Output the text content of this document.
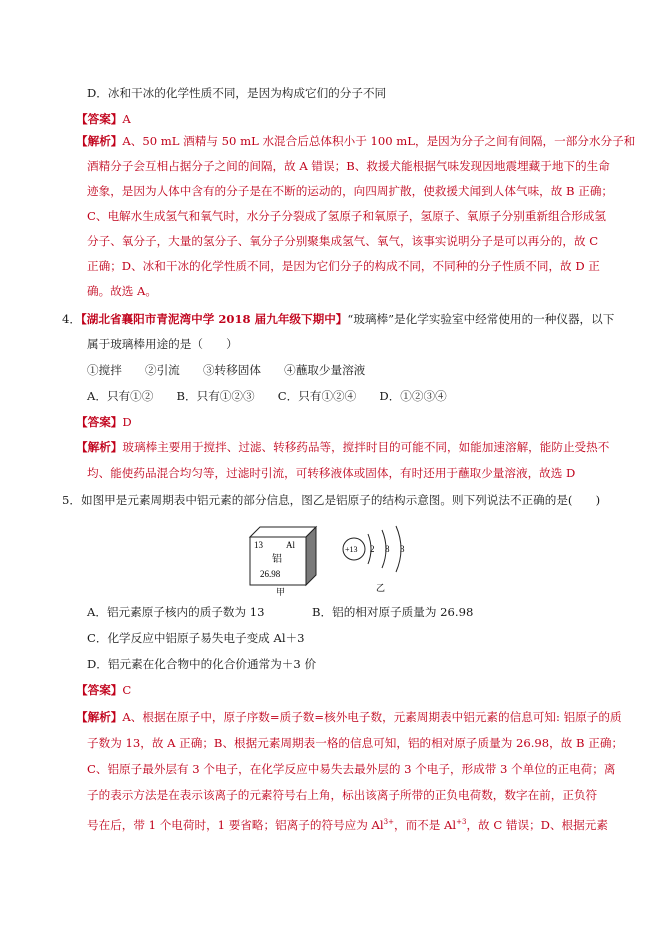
D．冰和干冰的化学性质不同，是因为构成它们的分子不同
【答案】A
【解析】A、50 mL 酒精与 50 mL 水混合后总体积小于 100 mL，是因为分子之间有间隔，一部分水分子和
酒精分子会互相占据分子之间的间隔，故 A 错误；B、救援犬能根据气味发现因地震埋藏于地下的生命
迹象，是因为人体中含有的分子是在不断的运动的，向四周扩散，使救援犬闻到人体气味，故 B 正确；
C、电解水生成氢气和氧气时，水分子分裂成了氢原子和氧原子，氢原子、氧原子分别重新组合形成氢
分子、氧分子，大量的氢分子、氧分子分别聚集成氢气、氧气，该事实说明分子是可以再分的，故 C
正确；D、冰和干冰的化学性质不同，是因为它们分子的构成不同，不同种的分子性质不同，故 D 正
确。故选 A。
4．【湖北省襄阳市青泥湾中学 2018 届九年级下期中】“玻璃棒”是化学实验室中经常使用的一种仪器，以下
属于玻璃棒用途的是（　　）
①搅拌　　②引流　　③转移固体　　④蘸取少量溶液
A．只有①②　　B．只有①②③　　C．只有①②④　　D．①②③④
【答案】D
【解析】玻璃棒主要用于搅拌、过滤、转移药品等，搅拌时目的可能不同，如能加速溶解，能防止受热不
均、能使药品混合均匀等，过滤时引流，可转移液体或固体，有时还用于蘸取少量溶液，故选 D
5．如图甲是元素周期表中铝元素的部分信息，图乙是铝原子的结构示意图。则下列说法不正确的是(　　)
13	Al
铝
26.98
甲
+13 2 8 3
乙
A．铝元素原子核内的质子数为 13	B．铝的相对原子质量为 26.98
C．化学反应中铝原子易失电子变成 Al＋3
D．铝元素在化合物中的化合价通常为＋3 价
【答案】C
【解析】A、根据在原子中，原子序数=质子数=核外电子数，元素周期表中铝元素的信息可知: 铝原子的质
子数为 13，故 A 正确；B、根据元素周期表一格的信息可知，铝的相对原子质量为 26.98，故 B 正确；
C、铝原子最外层有 3 个电子，在化学反应中易失去最外层的 3 个电子，形成带 3 个单位的正电荷；离
子的表示方法是在表示该离子的元素符号右上角，标出该离子所带的正负电荷数，数字在前，正负符
号在后，带 1 个电荷时，1 要省略；铝离子的符号应为 $Al^{3+}$，而不是 $Al^{+3}$，故 C 错误；D、根据元素
